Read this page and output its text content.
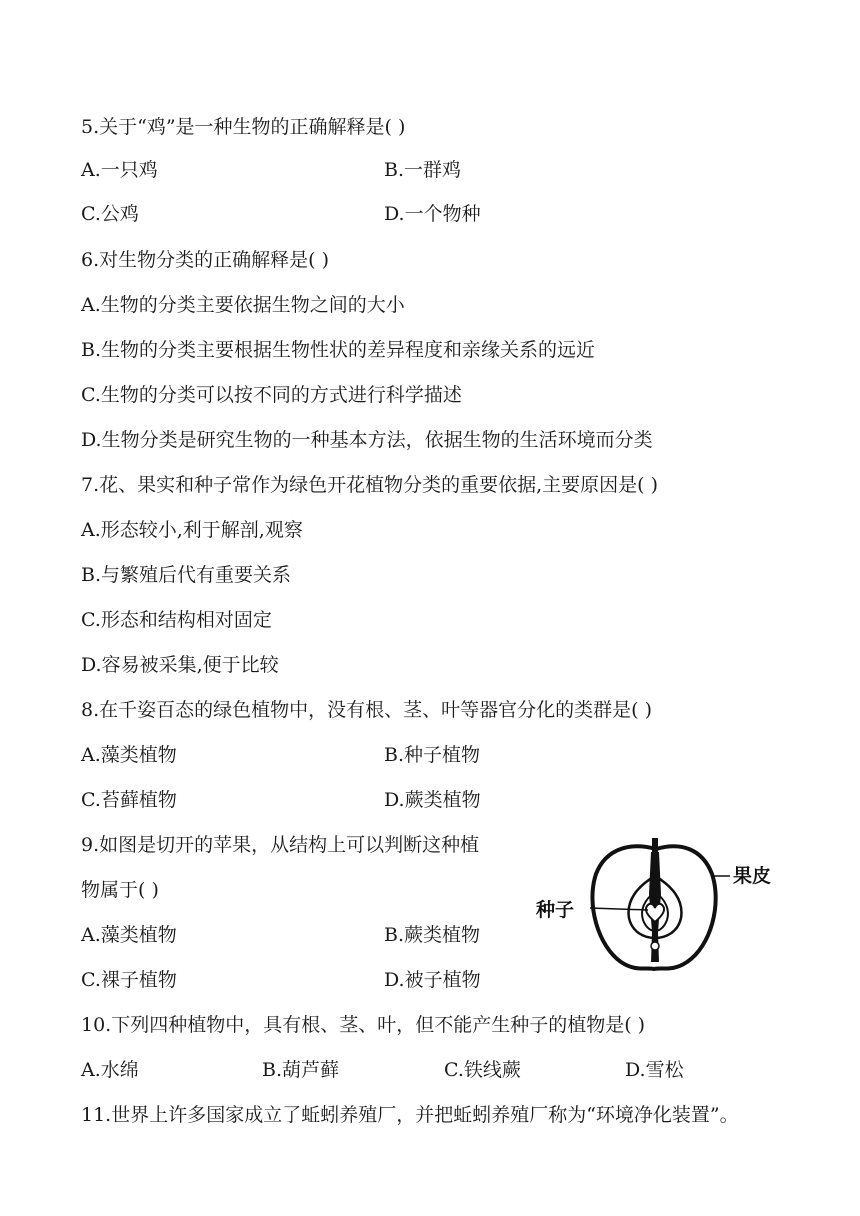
5.关于“鸡”是一种生物的正确解释是( )
A.一只鸡	B.一群鸡
C.公鸡	D.一个物种
6.对生物分类的正确解释是( )
A.生物的分类主要依据生物之间的大小
B.生物的分类主要根据生物性状的差异程度和亲缘关系的远近
C.生物的分类可以按不同的方式进行科学描述
D.生物分类是研究生物的一种基本方法，依据生物的生活环境而分类
7.花、果实和种子常作为绿色开花植物分类的重要依据,主要原因是( )
A.形态较小,利于解剖,观察
B.与繁殖后代有重要关系
C.形态和结构相对固定
D.容易被采集,便于比较
8.在千姿百态的绿色植物中，没有根、茎、叶等器官分化的类群是( )
A.藻类植物	B.种子植物
C.苔藓植物	D.蕨类植物
9.如图是切开的苹果，从结构上可以判断这种植
物属于( )
A.藻类植物	B.蕨类植物
C.裸子植物	D.被子植物
果皮
种子
10.下列四种植物中，具有根、茎、叶，但不能产生种子的植物是( )
A.水绵	B.葫芦藓	C.铁线蕨	D.雪松
11.世界上许多国家成立了蚯蚓养殖厂，并把蚯蚓养殖厂称为“环境净化装置”。
